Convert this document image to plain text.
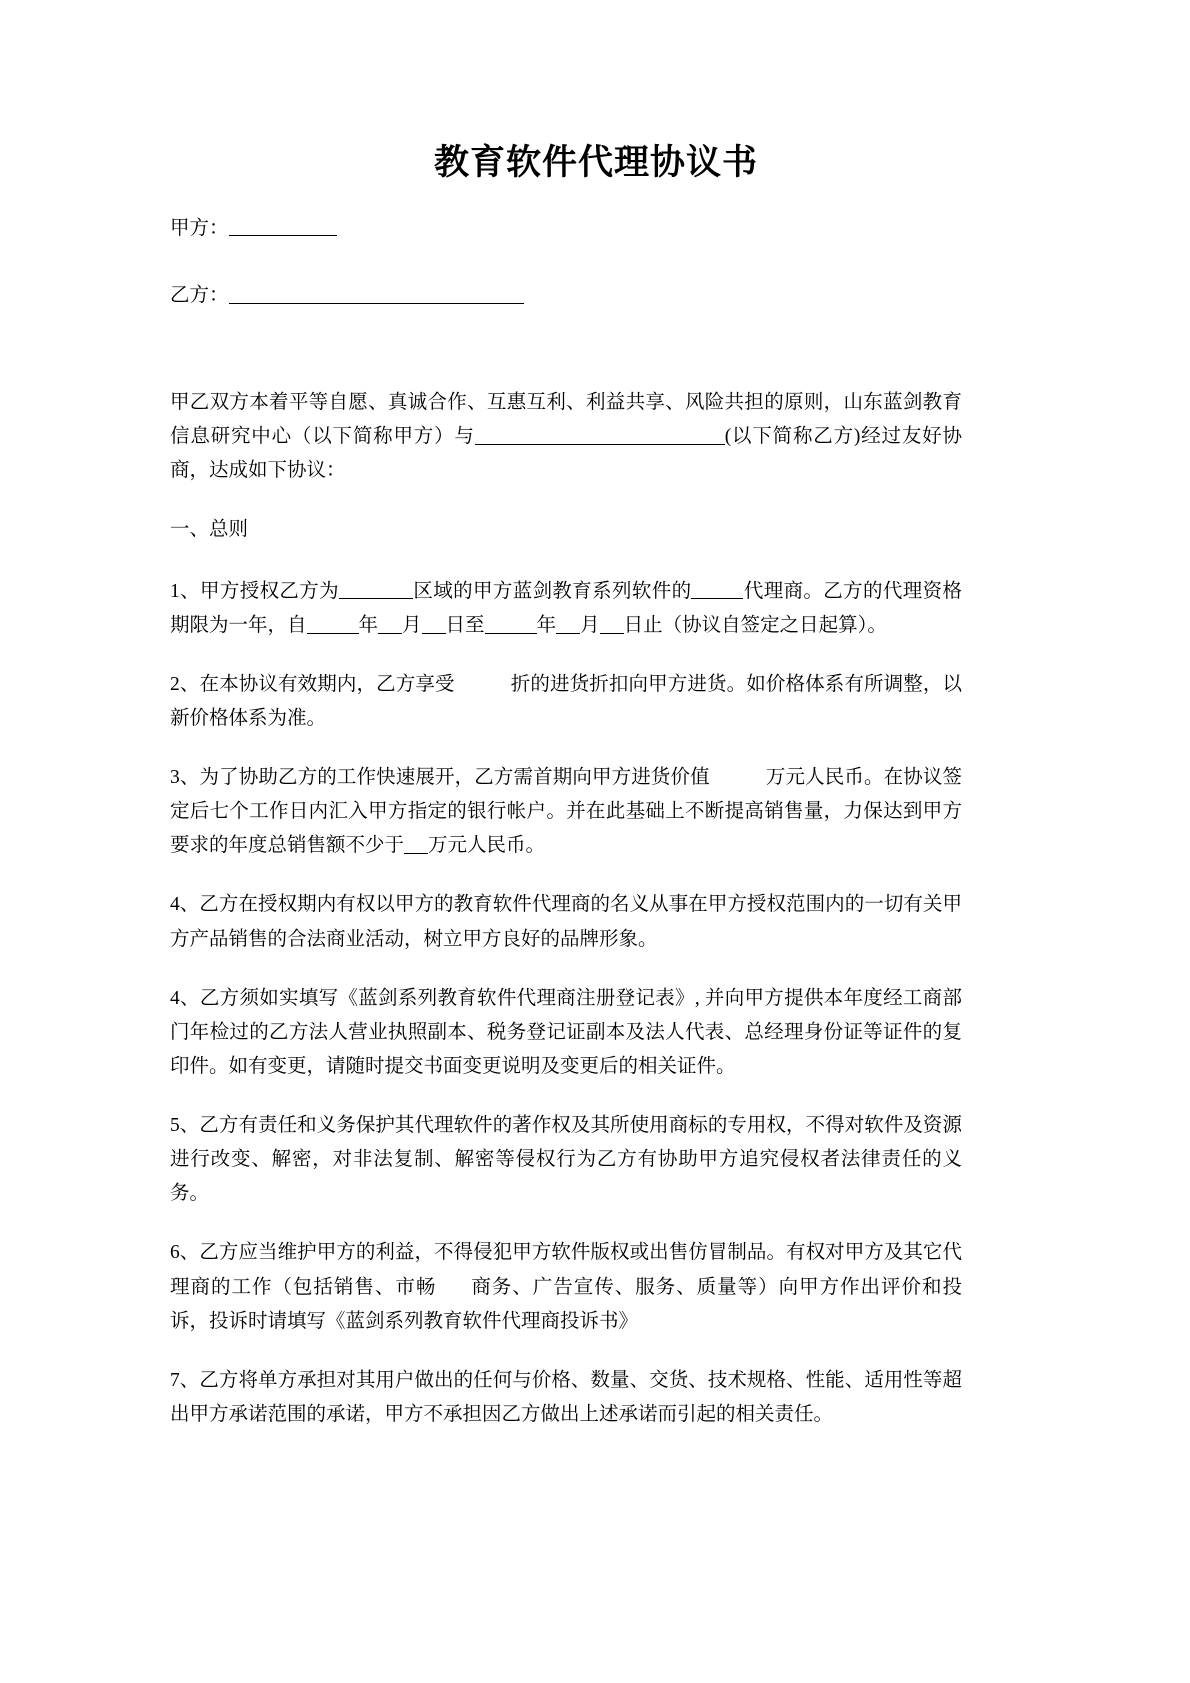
教育软件代理协议书

甲方：

乙方：

甲乙双方本着平等自愿、真诚合作、互惠互利、利益共享、风险共担的原则，山东蓝剑教育信息研究中心（以下简称甲方）与	(以下简称乙方)经过友好协商，达成如下协议：

一、总则

1、甲方授权乙方为	区域的甲方蓝剑教育系列软件的	代理商。乙方的代理资格期限为一年，自	年 月 日至	年 月 日止（协议自签定之日起算）。

2、在本协议有效期内，乙方享受	折的进货折扣向甲方进货。如价格体系有所调整，以新价格体系为准。

3、为了协助乙方的工作快速展开，乙方需首期向甲方进货价值	万元人民币。在协议签定后七个工作日内汇入甲方指定的银行帐户。并在此基础上不断提高销售量，力保达到甲方要求的年度总销售额不少于 万元人民币。

4、乙方在授权期内有权以甲方的教育软件代理商的名义从事在甲方授权范围内的一切有关甲方产品销售的合法商业活动，树立甲方良好的品牌形象。

4、乙方须如实填写《蓝剑系列教育软件代理商注册登记表》, 并向甲方提供本年度经工商部门年检过的乙方法人营业执照副本、税务登记证副本及法人代表、总经理身份证等证件的复印件。如有变更，请随时提交书面变更说明及变更后的相关证件。

5、乙方有责任和义务保护其代理软件的著作权及其所使用商标的专用权，不得对软件及资源进行改变、解密，对非法复制、解密等侵权行为乙方有协助甲方追究侵权者法律责任的义务。

6、乙方应当维护甲方的利益，不得侵犯甲方软件版权或出售仿冒制品。有权对甲方及其它代理商的工作（包括销售、市畅 商务、广告宣传、服务、质量等）向甲方作出评价和投诉，投诉时请填写《蓝剑系列教育软件代理商投诉书》

7、乙方将单方承担对其用户做出的任何与价格、数量、交货、技术规格、性能、适用性等超出甲方承诺范围的承诺，甲方不承担因乙方做出上述承诺而引起的相关责任。
